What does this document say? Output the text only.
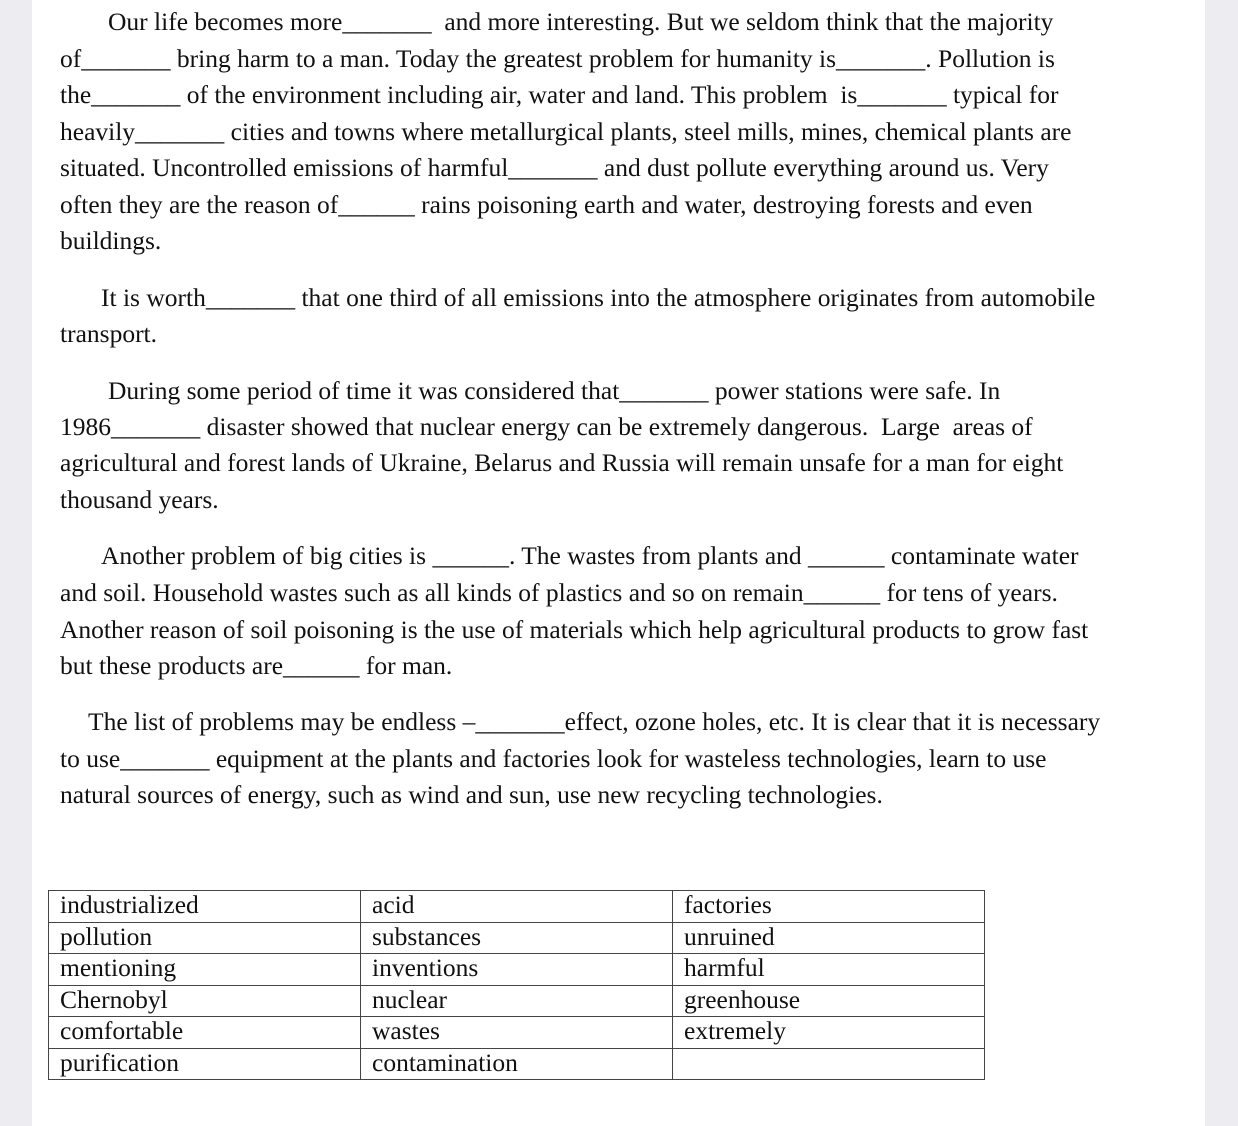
Our life becomes more_______  and more interesting. But we seldom think that the majority
of_______ bring harm to a man. Today the greatest problem for humanity is_______. Pollution is
the_______ of the environment including air, water and land. This problem  is_______ typical for
heavily_______ cities and towns where metallurgical plants, steel mills, mines, chemical plants are
situated. Uncontrolled emissions of harmful_______ and dust pollute everything around us. Very
often they are the reason of______ rains poisoning earth and water, destroying forests and even
buildings.
It is worth_______ that one third of all emissions into the atmosphere originates from automobile
transport.
During some period of time it was considered that_______ power stations were safe. In
1986_______ disaster showed that nuclear energy can be extremely dangerous.  Large  areas of
agricultural and forest lands of Ukraine, Belarus and Russia will remain unsafe for a man for eight
thousand years.
Another problem of big cities is ______. The wastes from plants and ______ contaminate water
and soil. Household wastes such as all kinds of plastics and so on remain______ for tens of years.
Another reason of soil poisoning is the use of materials which help agricultural products to grow fast
but these products are______ for man.
The list of problems may be endless –_______effect, ozone holes, etc. It is clear that it is necessary
to use_______ equipment at the plants and factories look for wasteless technologies, learn to use
natural sources of energy, such as wind and sun, use new recycling technologies.
industrialized	acid	factories
pollution	substances	unruined
mentioning	inventions	harmful
Chernobyl	nuclear	greenhouse
comfortable	wastes	extremely
purification	contamination	
